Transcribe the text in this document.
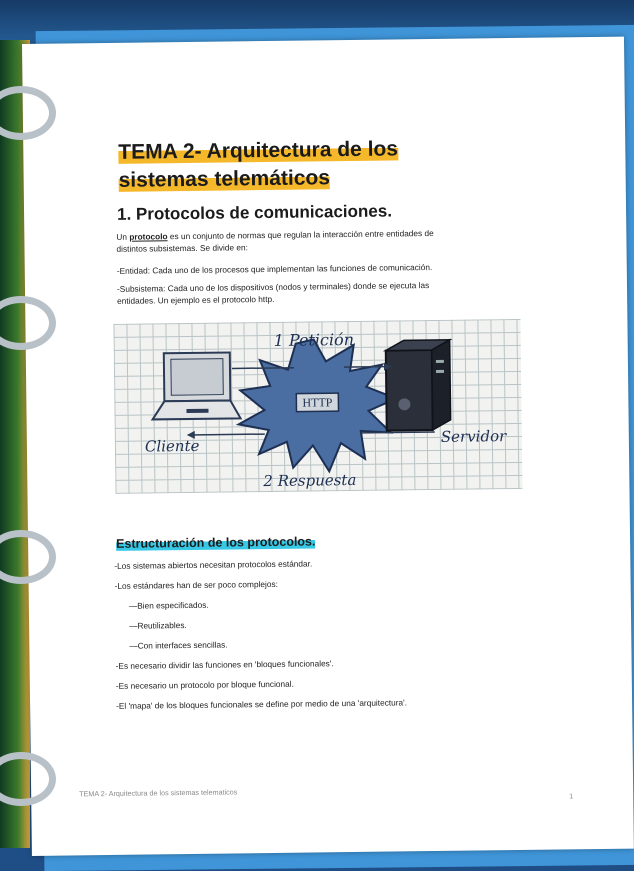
TEMA 2- Arquitectura de los
sistemas telemáticos
1. Protocolos de comunicaciones.
Un protocolo es un conjunto de normas que regulan la interacción entre entidades de
distintos subsistemas. Se divide en:
-Entidad: Cada uno de los procesos que implementan las funciones de comunicación.
-Subsistema: Cada uno de los dispositivos (nodos y terminales) donde se ejecuta las
entidades. Un ejemplo es el protocolo http.
HTTP
1 Petición
Cliente
Servidor
2 Respuesta
Estructuración de los protocolos.
-Los sistemas abiertos necesitan protocolos estándar.
-Los estándares han de ser poco complejos:
—Bien especificados.
—Reutilizables.
—Con interfaces sencillas.
-Es necesario dividir las funciones en 'bloques funcionales'.
-Es necesario un protocolo por bloque funcional.
-El 'mapa' de los bloques funcionales se define por medio de una 'arquitectura'.
TEMA 2- Arquitectura de los sistemas telematicos	1
